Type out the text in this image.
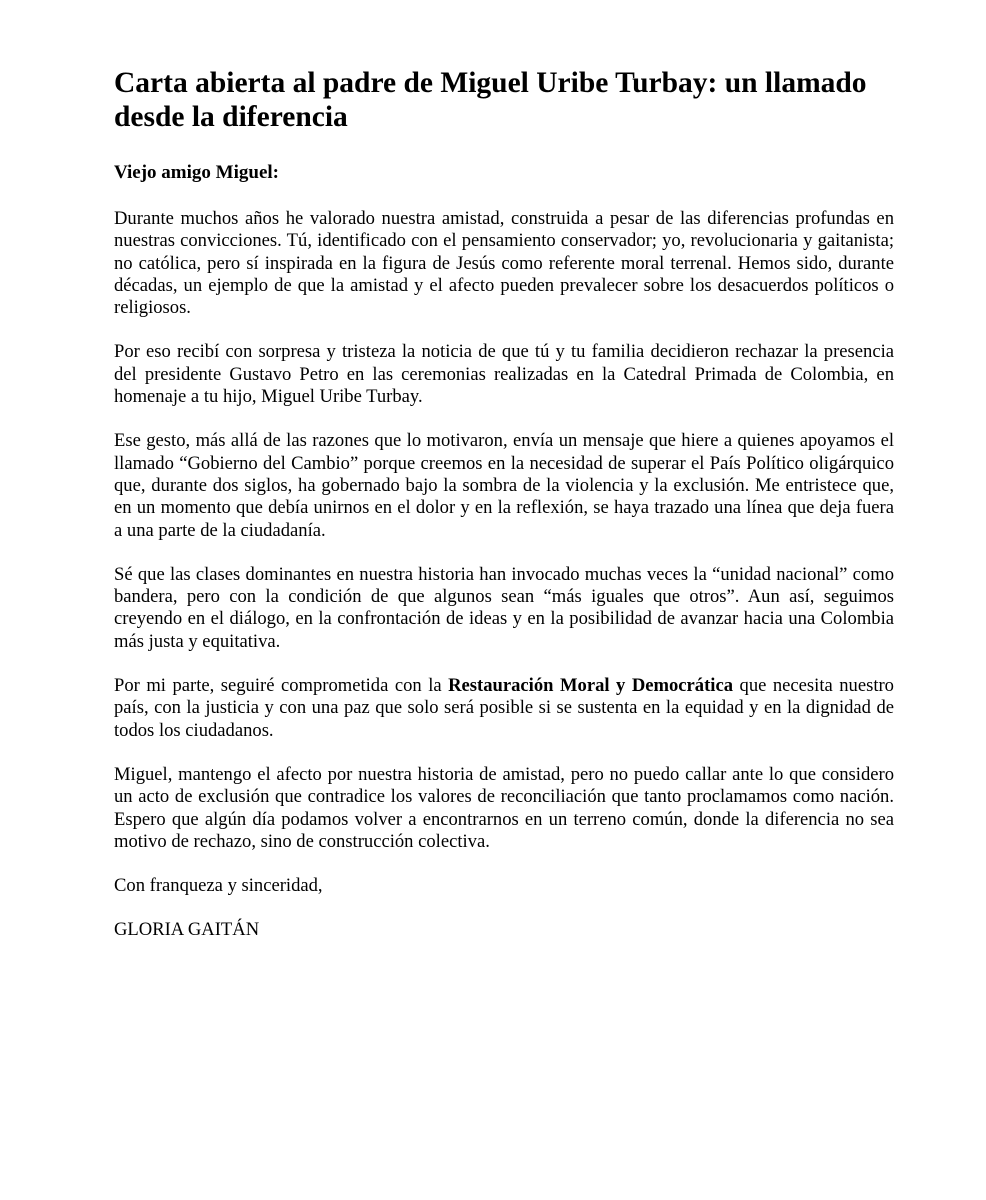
Carta abierta al padre de Miguel Uribe Turbay: un llamado desde la diferencia

Viejo amigo Miguel:

Durante muchos años he valorado nuestra amistad, construida a pesar de las diferencias profundas en nuestras convicciones. Tú, identificado con el pensamiento conservador; yo, revolucionaria y gaitanista; no católica, pero sí inspirada en la figura de Jesús como referente moral terrenal. Hemos sido, durante décadas, un ejemplo de que la amistad y el afecto pueden prevalecer sobre los desacuerdos políticos o religiosos.

Por eso recibí con sorpresa y tristeza la noticia de que tú y tu familia decidieron rechazar la presencia del presidente Gustavo Petro en las ceremonias realizadas en la Catedral Primada de Colombia, en homenaje a tu hijo, Miguel Uribe Turbay.

Ese gesto, más allá de las razones que lo motivaron, envía un mensaje que hiere a quienes apoyamos el llamado “Gobierno del Cambio” porque creemos en la necesidad de superar el País Político oligárquico que, durante dos siglos, ha gobernado bajo la sombra de la violencia y la exclusión. Me entristece que, en un momento que debía unirnos en el dolor y en la reflexión, se haya trazado una línea que deja fuera a una parte de la ciudadanía.

Sé que las clases dominantes en nuestra historia han invocado muchas veces la “unidad nacional” como bandera, pero con la condición de que algunos sean “más iguales que otros”. Aun así, seguimos creyendo en el diálogo, en la confrontación de ideas y en la posibilidad de avanzar hacia una Colombia más justa y equitativa.

Por mi parte, seguiré comprometida con la Restauración Moral y Democrática que necesita nuestro país, con la justicia y con una paz que solo será posible si se sustenta en la equidad y en la dignidad de todos los ciudadanos.

Miguel, mantengo el afecto por nuestra historia de amistad, pero no puedo callar ante lo que considero un acto de exclusión que contradice los valores de reconciliación que tanto proclamamos como nación. Espero que algún día podamos volver a encontrarnos en un terreno común, donde la diferencia no sea motivo de rechazo, sino de construcción colectiva.

Con franqueza y sinceridad,

GLORIA GAITÁN
